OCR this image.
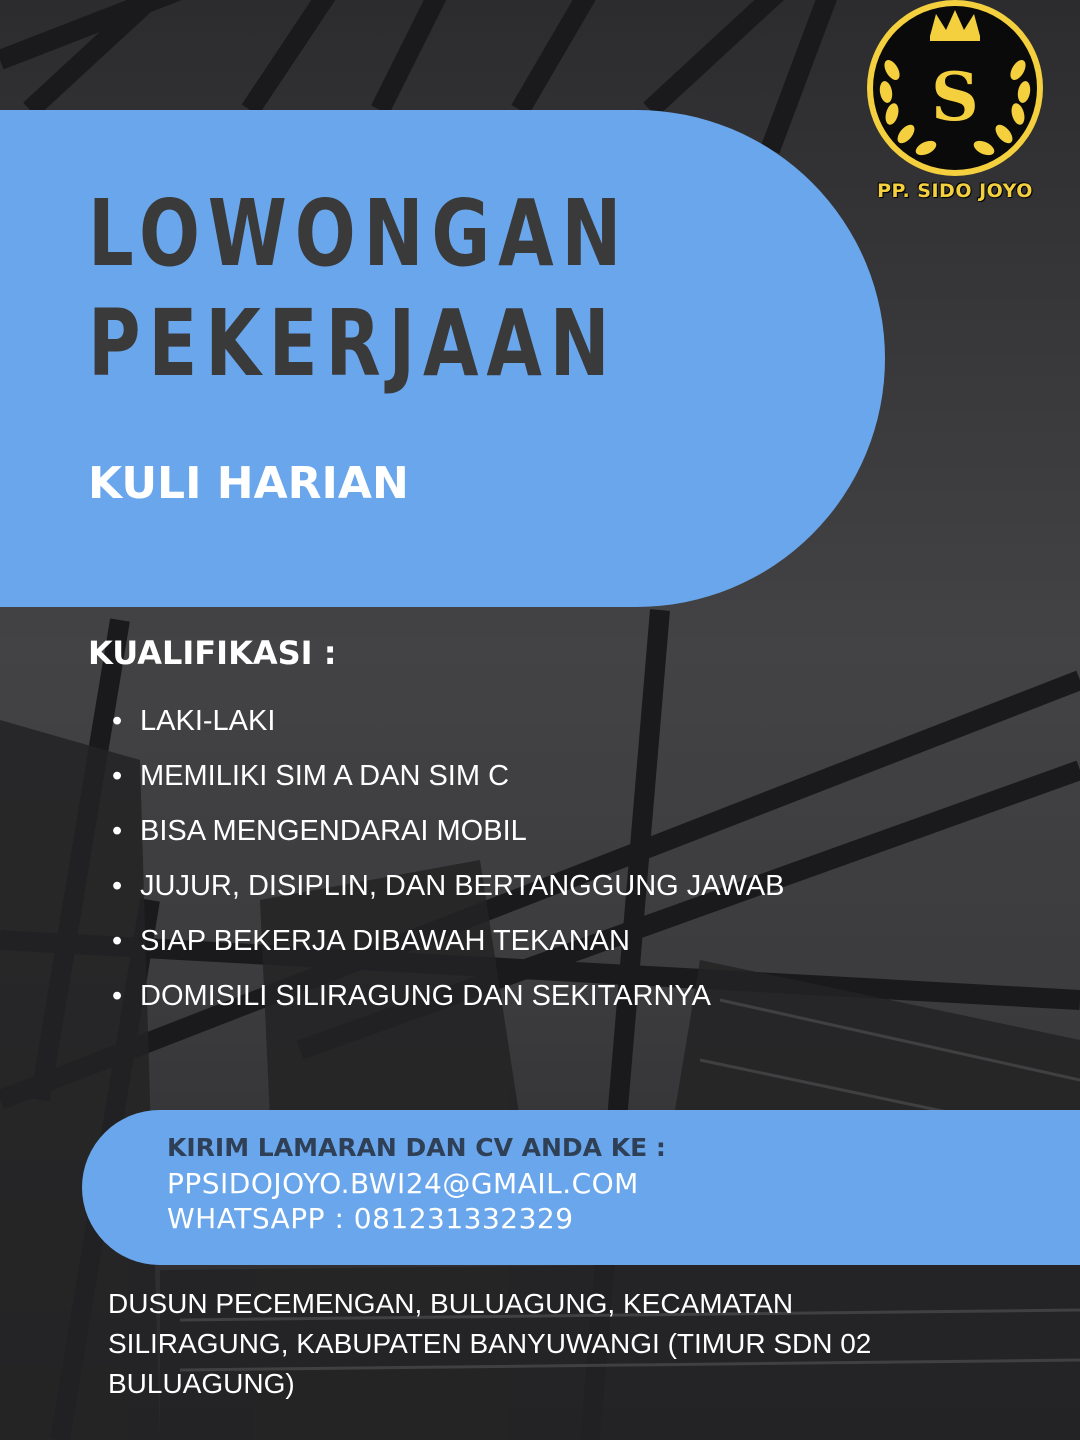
S
PP. SIDO JOYO
LOWONGAN
PEKERJAAN
KULI HARIAN
KUALIFIKASI :
• LAKI-LAKI
• MEMILIKI SIM A DAN SIM C
• BISA MENGENDARAI MOBIL
• JUJUR, DISIPLIN, DAN BERTANGGUNG JAWAB
• SIAP BEKERJA DIBAWAH TEKANAN
• DOMISILI SILIRAGUNG DAN SEKITARNYA
KIRIM LAMARAN DAN CV ANDA KE :
PPSIDOJOYO.BWI24@GMAIL.COM
WHATSAPP : 081231332329

DUSUN PECEMENGAN, BULUAGUNG, KECAMATAN SILIRAGUNG, KABUPATEN BANYUWANGI (TIMUR SDN 02 BULUAGUNG)
